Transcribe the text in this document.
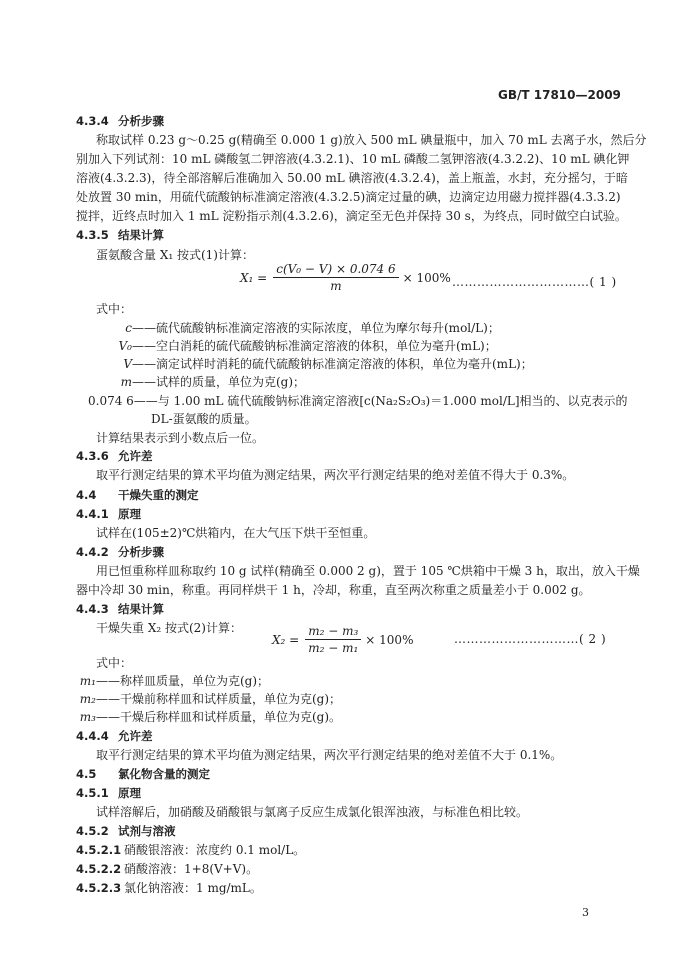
GB/T 17810—2009
4.3.4 分析步骤
称取试样 0.23 g～0.25 g(精确至 0.000 1 g)放入 500 mL 碘量瓶中，加入 70 mL 去离子水，然后分
别加入下列试剂：10 mL 磷酸氢二钾溶液(4.3.2.1)、10 mL 磷酸二氢钾溶液(4.3.2.2)、10 mL 碘化钾
溶液(4.3.2.3)，待全部溶解后准确加入 50.00 mL 碘溶液(4.3.2.4)，盖上瓶盖，水封，充分摇匀，于暗
处放置 30 min，用硫代硫酸钠标准滴定溶液(4.3.2.5)滴定过量的碘，边滴定边用磁力搅拌器(4.3.3.2)
搅拌，近终点时加入 1 mL 淀粉指示剂(4.3.2.6)，滴定至无色并保持 30 s，为终点，同时做空白试验。
4.3.5 结果计算
蛋氨酸含量 X₁ 按式(1)计算：
$X_1 = \frac{\text{c(V₀ − V) × 0.074 6}}{m} \times 100\%$ ……………………………( 1 )
式中：
c——硫代硫酸钠标准滴定溶液的实际浓度，单位为摩尔每升(mol/L)；
V₀——空白消耗的硫代硫酸钠标准滴定溶液的体积，单位为毫升(mL)；
V——滴定试样时消耗的硫代硫酸钠标准滴定溶液的体积，单位为毫升(mL)；
m——试样的质量，单位为克(g)；
0.074 6——与 1.00 mL 硫代硫酸钠标准滴定溶液[c(Na₂S₂O₃)＝1.000 mol/L]相当的、以克表示的
DL-蛋氨酸的质量。
计算结果表示到小数点后一位。
4.3.6 允许差
取平行测定结果的算术平均值为测定结果，两次平行测定结果的绝对差值不得大于 0.3%。
4.4 干燥失重的测定
4.4.1 原理
试样在(105±2)℃烘箱内，在大气压下烘干至恒重。
4.4.2 分析步骤
用已恒重称样皿称取约 10 g 试样(精确至 0.000 2 g)，置于 105 ℃烘箱中干燥 3 h，取出，放入干燥
器中冷却 30 min，称重。再同样烘干 1 h，冷却，称重，直至两次称重之质量差小于 0.002 g。
4.4.3 结果计算
干燥失重 X₂ 按式(2)计算：
$X_2 = \frac{\text{m₂ − m₃}}{\text{m₂ − m₁}} \times 100\%$	…………………………( 2 )
式中：
m₁——称样皿质量，单位为克(g)；
m₂——干燥前称样皿和试样质量，单位为克(g)；
m₃——干燥后称样皿和试样质量，单位为克(g)。
4.4.4 允许差
取平行测定结果的算术平均值为测定结果，两次平行测定结果的绝对差值不大于 0.1%。
4.5 氯化物含量的测定
4.5.1 原理
试样溶解后，加硝酸及硝酸银与氯离子反应生成氯化银浑浊液，与标准色相比较。
4.5.2 试剂与溶液
4.5.2.1 硝酸银溶液：浓度约 0.1 mol/L。
4.5.2.2 硝酸溶液：1+8(V+V)。
4.5.2.3 氯化钠溶液：1 mg/mL。
3
